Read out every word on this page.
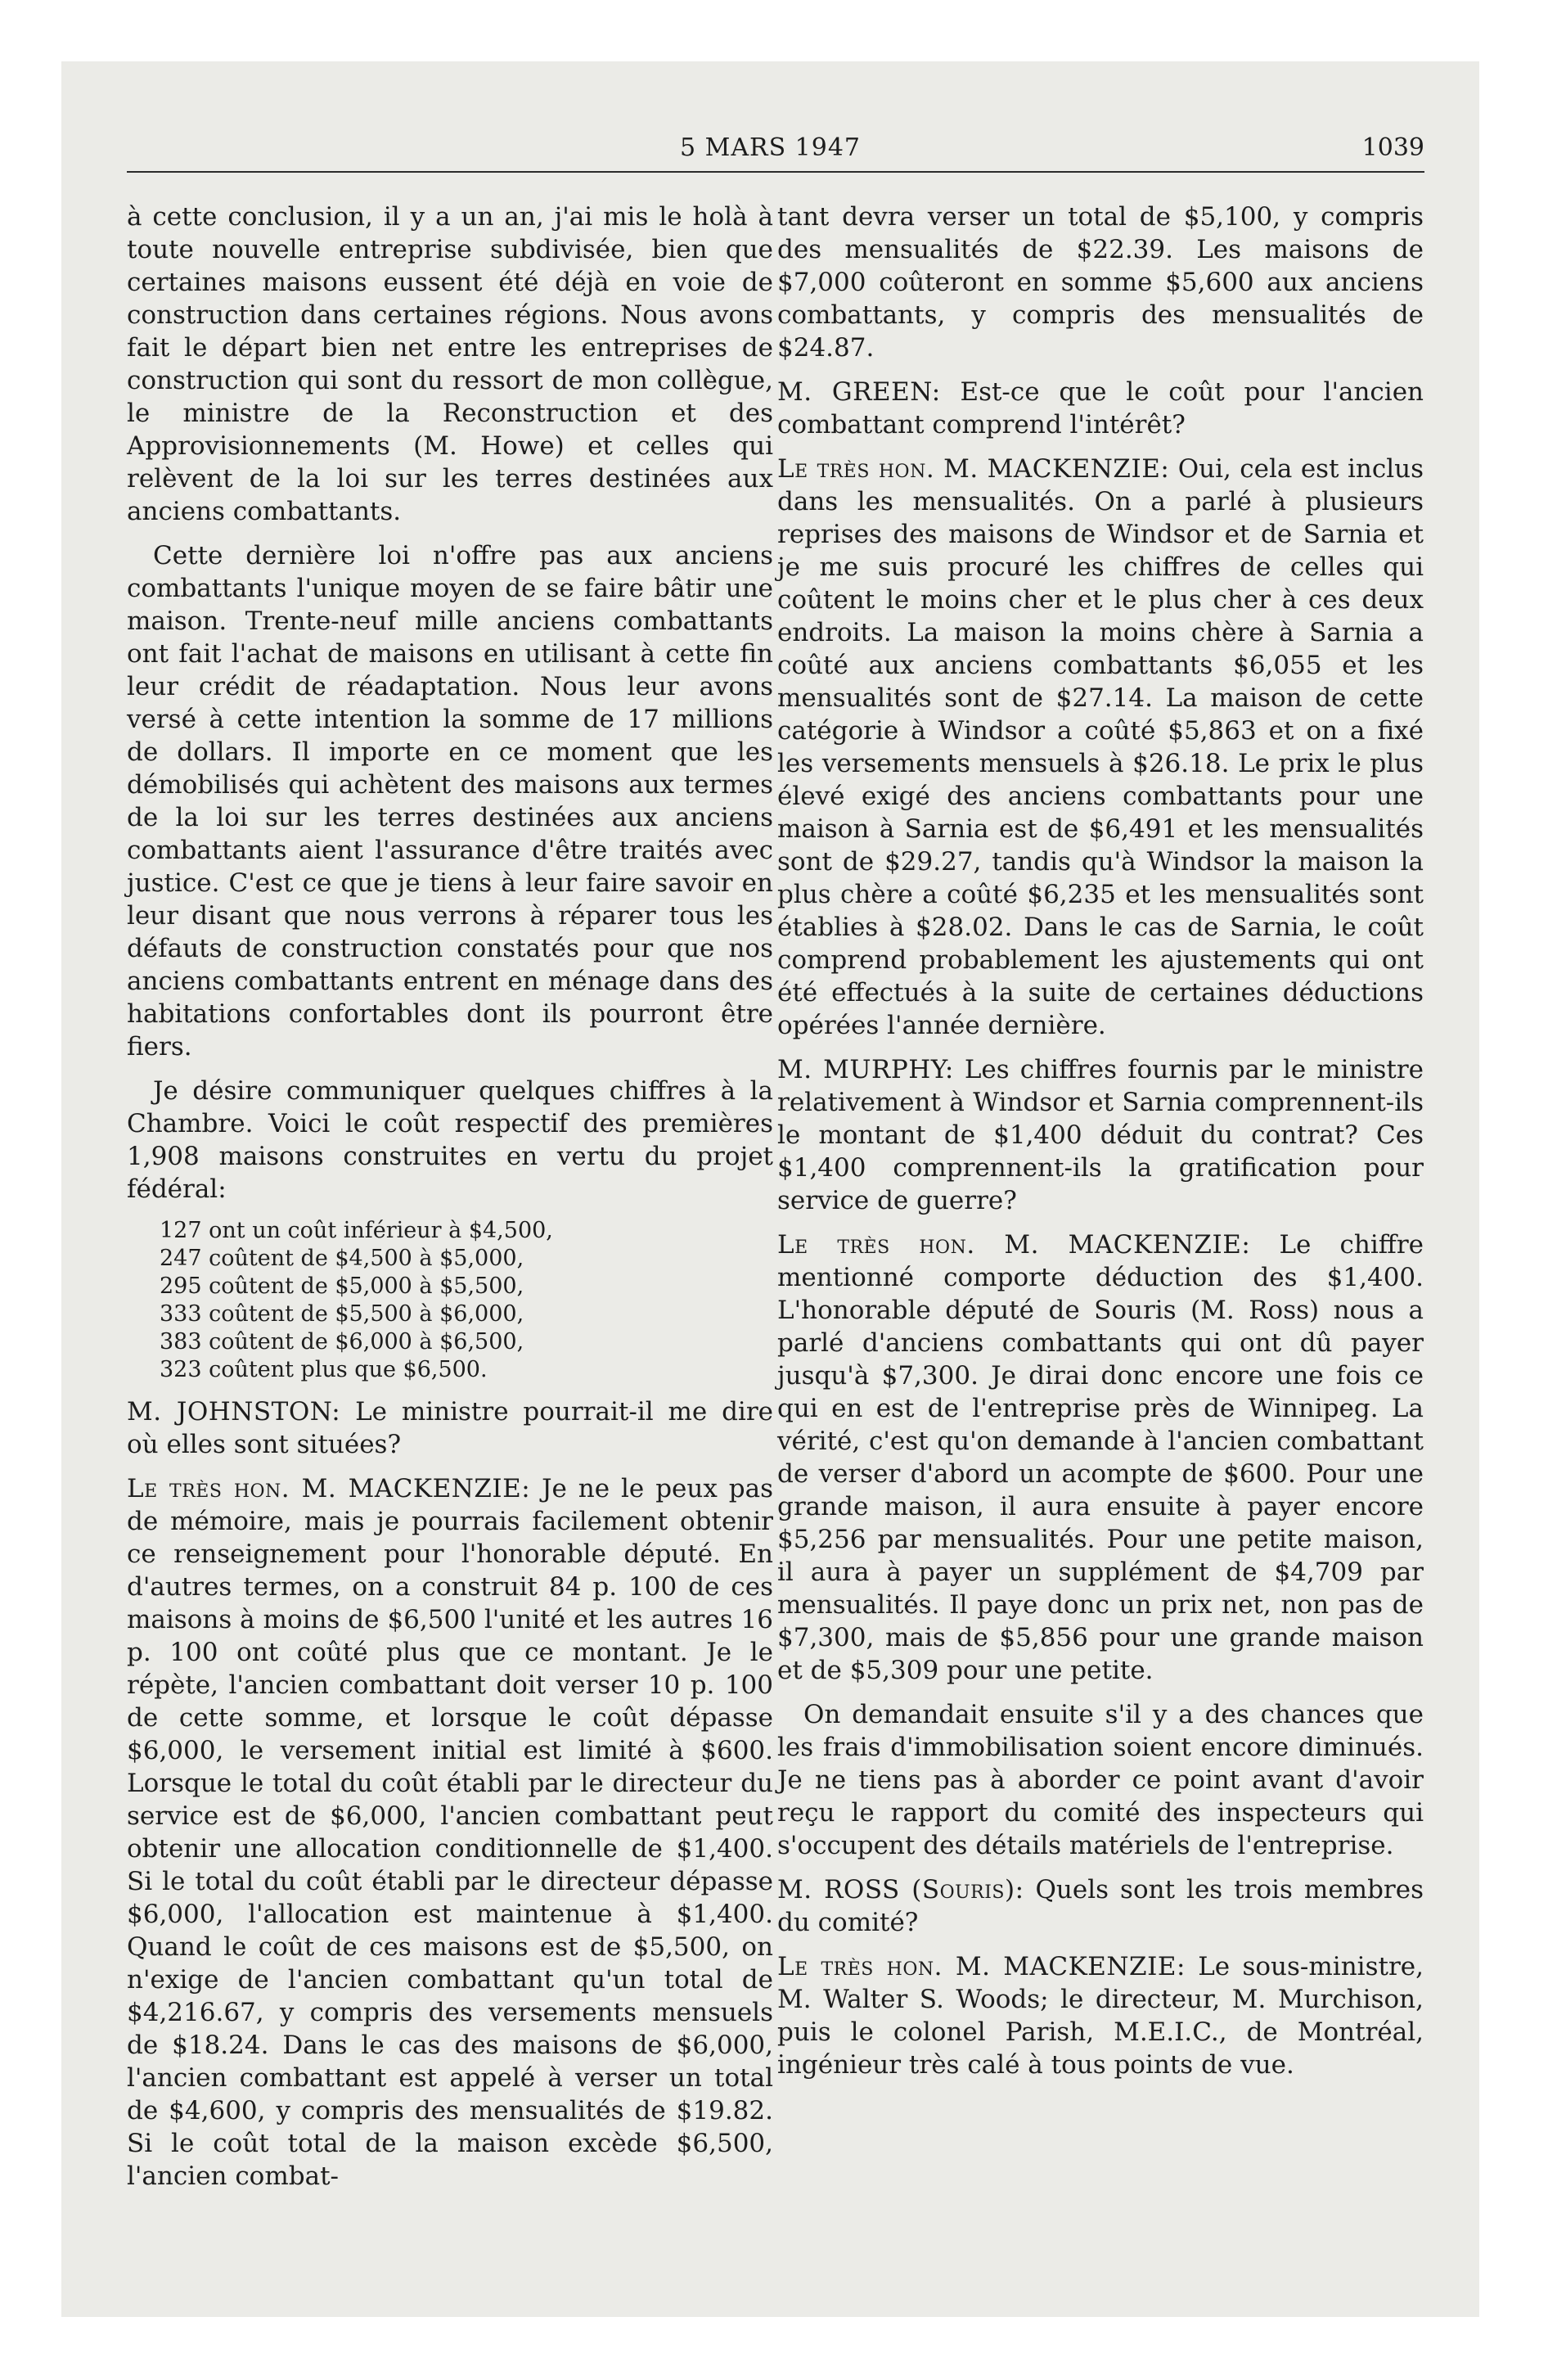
5 MARS 1947	1039

à cette conclusion, il y a un an, j'ai mis le holà à toute nouvelle entreprise subdivisée, bien que certaines maisons eussent été déjà en voie de construction dans certaines régions. Nous avons fait le départ bien net entre les entreprises de construction qui sont du ressort de mon collègue, le ministre de la Reconstruction et des Approvisionnements (M. Howe) et celles qui relèvent de la loi sur les terres destinées aux anciens combattants.

Cette dernière loi n'offre pas aux anciens combattants l'unique moyen de se faire bâtir une maison. Trente-neuf mille anciens combattants ont fait l'achat de maisons en utilisant à cette fin leur crédit de réadaptation. Nous leur avons versé à cette intention la somme de 17 millions de dollars. Il importe en ce moment que les démobilisés qui achètent des maisons aux termes de la loi sur les terres destinées aux anciens combattants aient l'assurance d'être traités avec justice. C'est ce que je tiens à leur faire savoir en leur disant que nous verrons à réparer tous les défauts de construction constatés pour que nos anciens combattants entrent en ménage dans des habitations confortables dont ils pourront être fiers.

Je désire communiquer quelques chiffres à la Chambre. Voici le coût respectif des premières 1,908 maisons construites en vertu du projet fédéral:

127 ont un coût inférieur à $4,500,
247 coûtent de $4,500 à $5,000,
295 coûtent de $5,000 à $5,500,
333 coûtent de $5,500 à $6,000,
383 coûtent de $6,000 à $6,500,
323 coûtent plus que $6,500.

M. JOHNSTON: Le ministre pourrait-il me dire où elles sont situées?

Le très hon. M. MACKENZIE: Je ne le peux pas de mémoire, mais je pourrais facilement obtenir ce renseignement pour l'honorable député. En d'autres termes, on a construit 84 p. 100 de ces maisons à moins de $6,500 l'unité et les autres 16 p. 100 ont coûté plus que ce montant. Je le répète, l'ancien combattant doit verser 10 p. 100 de cette somme, et lorsque le coût dépasse $6,000, le versement initial est limité à $600. Lorsque le total du coût établi par le directeur du service est de $6,000, l'ancien combattant peut obtenir une allocation conditionnelle de $1,400. Si le total du coût établi par le directeur dépasse $6,000, l'allocation est maintenue à $1,400. Quand le coût de ces maisons est de $5,500, on n'exige de l'ancien combattant qu'un total de $4,216.67, y compris des versements mensuels de $18.24. Dans le cas des maisons de $6,000, l'ancien combattant est appelé à verser un total de $4,600, y compris des mensualités de $19.82. Si le coût total de la maison excède $6,500, l'ancien combat-

tant devra verser un total de $5,100, y compris des mensualités de $22.39. Les maisons de $7,000 coûteront en somme $5,600 aux anciens combattants, y compris des mensualités de $24.87.

M. GREEN: Est-ce que le coût pour l'ancien combattant comprend l'intérêt?

Le très hon. M. MACKENZIE: Oui, cela est inclus dans les mensualités. On a parlé à plusieurs reprises des maisons de Windsor et de Sarnia et je me suis procuré les chiffres de celles qui coûtent le moins cher et le plus cher à ces deux endroits. La maison la moins chère à Sarnia a coûté aux anciens combattants $6,055 et les mensualités sont de $27.14. La maison de cette catégorie à Windsor a coûté $5,863 et on a fixé les versements mensuels à $26.18. Le prix le plus élevé exigé des anciens combattants pour une maison à Sarnia est de $6,491 et les mensualités sont de $29.27, tandis qu'à Windsor la maison la plus chère a coûté $6,235 et les mensualités sont établies à $28.02. Dans le cas de Sarnia, le coût comprend probablement les ajustements qui ont été effectués à la suite de certaines déductions opérées l'année dernière.

M. MURPHY: Les chiffres fournis par le ministre relativement à Windsor et Sarnia comprennent-ils le montant de $1,400 déduit du contrat? Ces $1,400 comprennent-ils la gratification pour service de guerre?

Le très hon. M. MACKENZIE: Le chiffre mentionné comporte déduction des $1,400. L'honorable député de Souris (M. Ross) nous a parlé d'anciens combattants qui ont dû payer jusqu'à $7,300. Je dirai donc encore une fois ce qui en est de l'entreprise près de Winnipeg. La vérité, c'est qu'on demande à l'ancien combattant de verser d'abord un acompte de $600. Pour une grande maison, il aura ensuite à payer encore $5,256 par mensualités. Pour une petite maison, il aura à payer un supplément de $4,709 par mensualités. Il paye donc un prix net, non pas de $7,300, mais de $5,856 pour une grande maison et de $5,309 pour une petite.

On demandait ensuite s'il y a des chances que les frais d'immobilisation soient encore diminués. Je ne tiens pas à aborder ce point avant d'avoir reçu le rapport du comité des inspecteurs qui s'occupent des détails matériels de l'entreprise.

M. ROSS (Souris): Quels sont les trois membres du comité?

Le très hon. M. MACKENZIE: Le sous-ministre, M. Walter S. Woods; le directeur, M. Murchison, puis le colonel Parish, M.E.I.C., de Montréal, ingénieur très calé à tous points de vue.
